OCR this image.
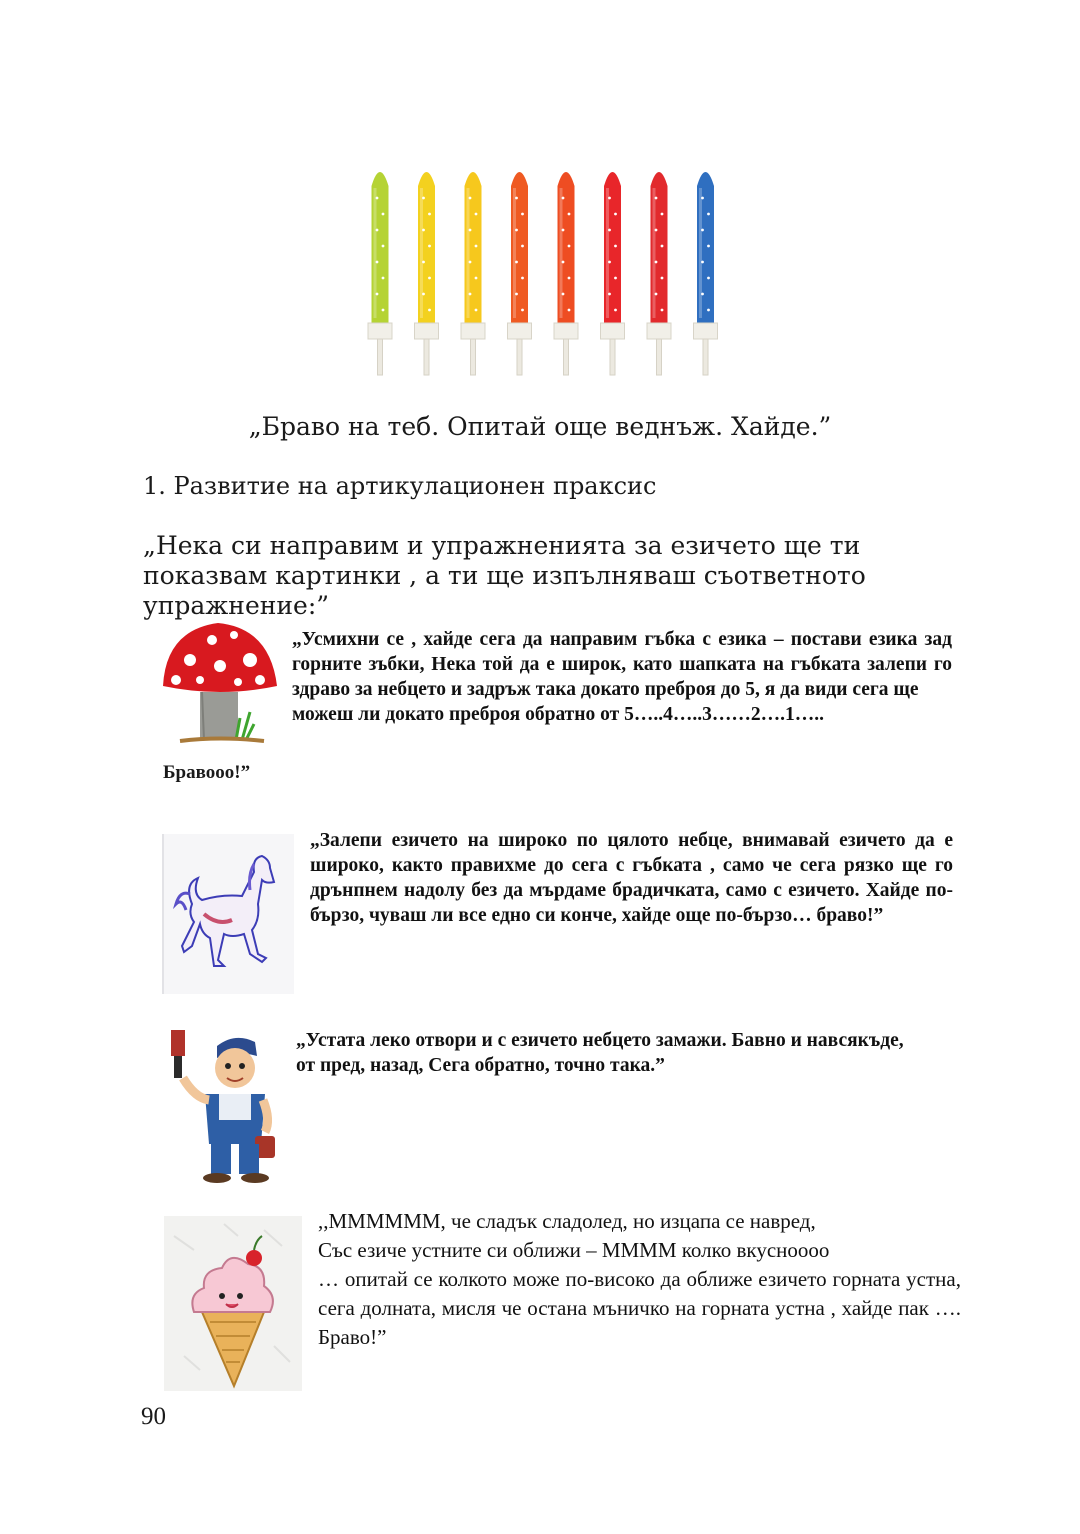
„Браво на теб. Опитай още веднъж. Хайде.”
1. Развитие на артикулационен праксис
„Нека си направим и упражненията за езичето ще ти показвам картинки , а ти ще изпълняваш съответното упражнение:”
„Усмихни се , хайде сега да направим гъбка с езика – постави езика зад горните зъбки, Нека той да е широк, като шапката на гъбката залепи го здраво за небцето и задръж така докато преброя до 5, я да види сега ще
можеш ли докато преброя обратно от 5…..4…..3……2….1…..
Бравооо!”
„Залепи езичето на широко по цялото небце, внимавай езичето да е широко, както правихме до сега с гъбката , само че сега рязко ще го дрънпнем надолу без да мърдаме брадичката, само с езичето. Хайде по-бързо, чуваш ли все едно си конче, хайде още по-бързо… браво!”
„Устата леко отвори и с езичето небцето замажи. Бавно и навсякъде, от пред, назад, Сега обратно, точно така.”
,,ММММММ, че сладък сладолед, но изцапа се навред,
Със езиче устните си оближи – ММММ колко вкусноооо
… опитай се колкото може по-високо да оближе езичето горната устна, сега долната, мисля че остана мъничко на горната устна , хайде пак …. Браво!”
90
